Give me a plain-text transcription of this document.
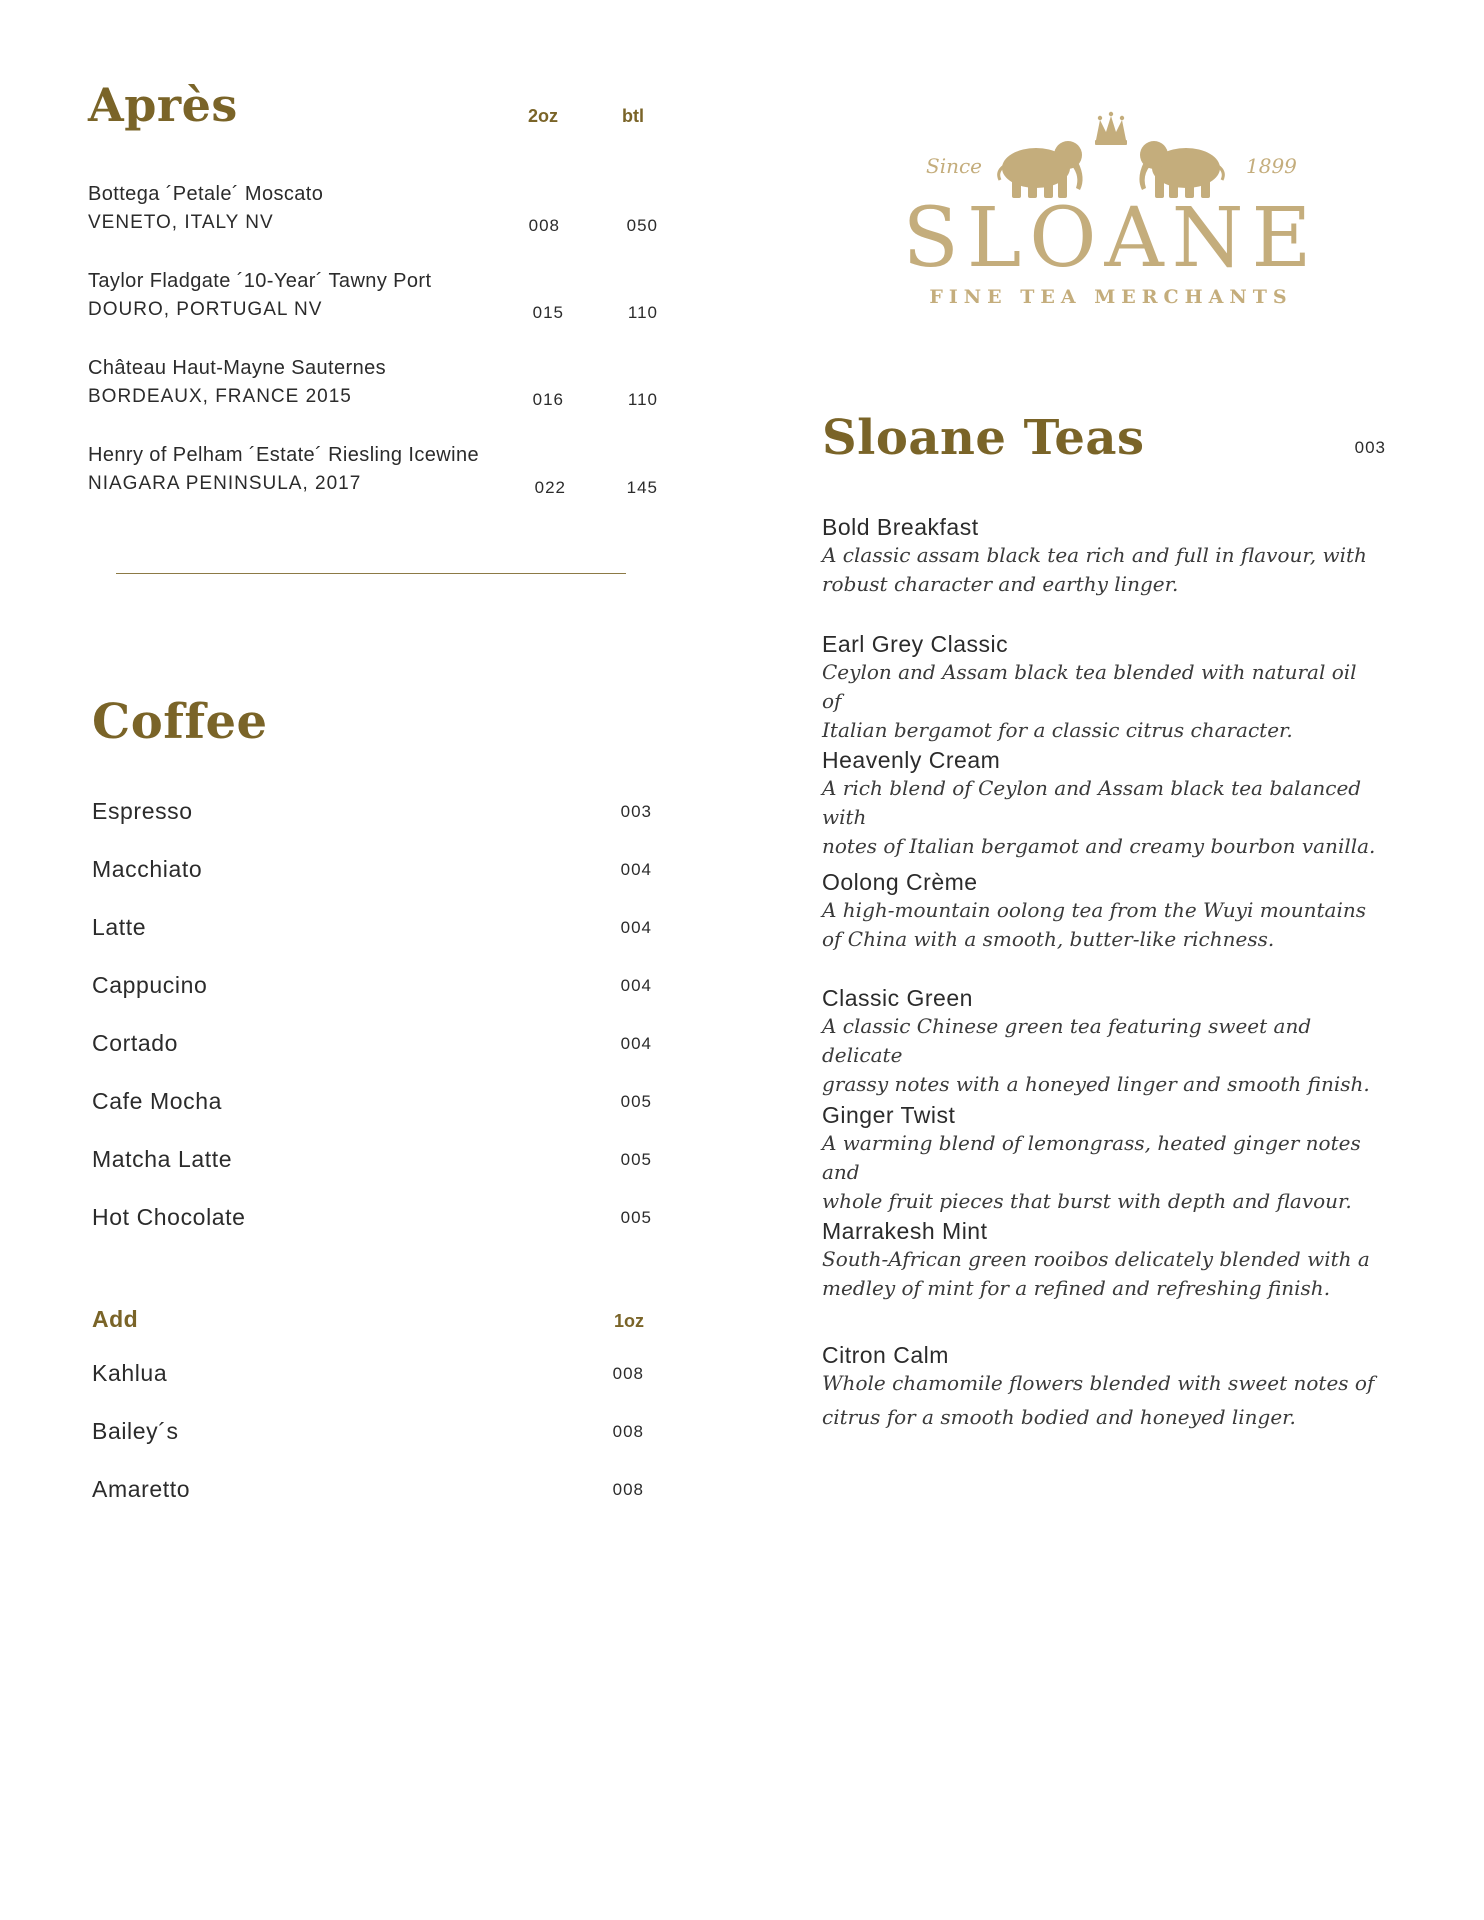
Après	2oz	btl
Bottega ´Petale´ Moscato
VENETO, ITALY NV	008	050
Taylor Fladgate ´10-Year´ Tawny Port
DOURO, PORTUGAL NV	015	110
Château Haut-Mayne Sauternes
BORDEAUX, FRANCE 2015	016	110
Henry of Pelham ´Estate´ Riesling Icewine
NIAGARA PENINSULA, 2017	022	145
Coffee
Espresso	003
Macchiato	004
Latte	004
Cappucino	004
Cortado	004
Cafe Mocha	005
Matcha Latte	005
Hot Chocolate	005
Add	1oz
Kahlua	008
Bailey´s	008
Amaretto	008
Since	1899
SLOANE
FINE TEA MERCHANTS
Sloane Teas	003
Bold Breakfast
A classic assam black tea rich and full in flavour, with
robust character and earthy linger.
Earl Grey Classic
Ceylon and Assam black tea blended with natural oil of
Italian bergamot for a classic citrus character.
Heavenly Cream
A rich blend of Ceylon and Assam black tea balanced with
notes of Italian bergamot and creamy bourbon vanilla.
Oolong Crème
A high-mountain oolong tea from the Wuyi mountains
of China with a smooth, butter-like richness.
Classic Green
A classic Chinese green tea featuring sweet and delicate
grassy notes with a honeyed linger and smooth finish.
Ginger Twist
A warming blend of lemongrass, heated ginger notes and
whole fruit pieces that burst with depth and flavour.
Marrakesh Mint
South-African green rooibos delicately blended with a
medley of mint for a refined and refreshing finish.
Citron Calm
Whole chamomile flowers blended with sweet notes of
citrus for a smooth bodied and honeyed linger.
